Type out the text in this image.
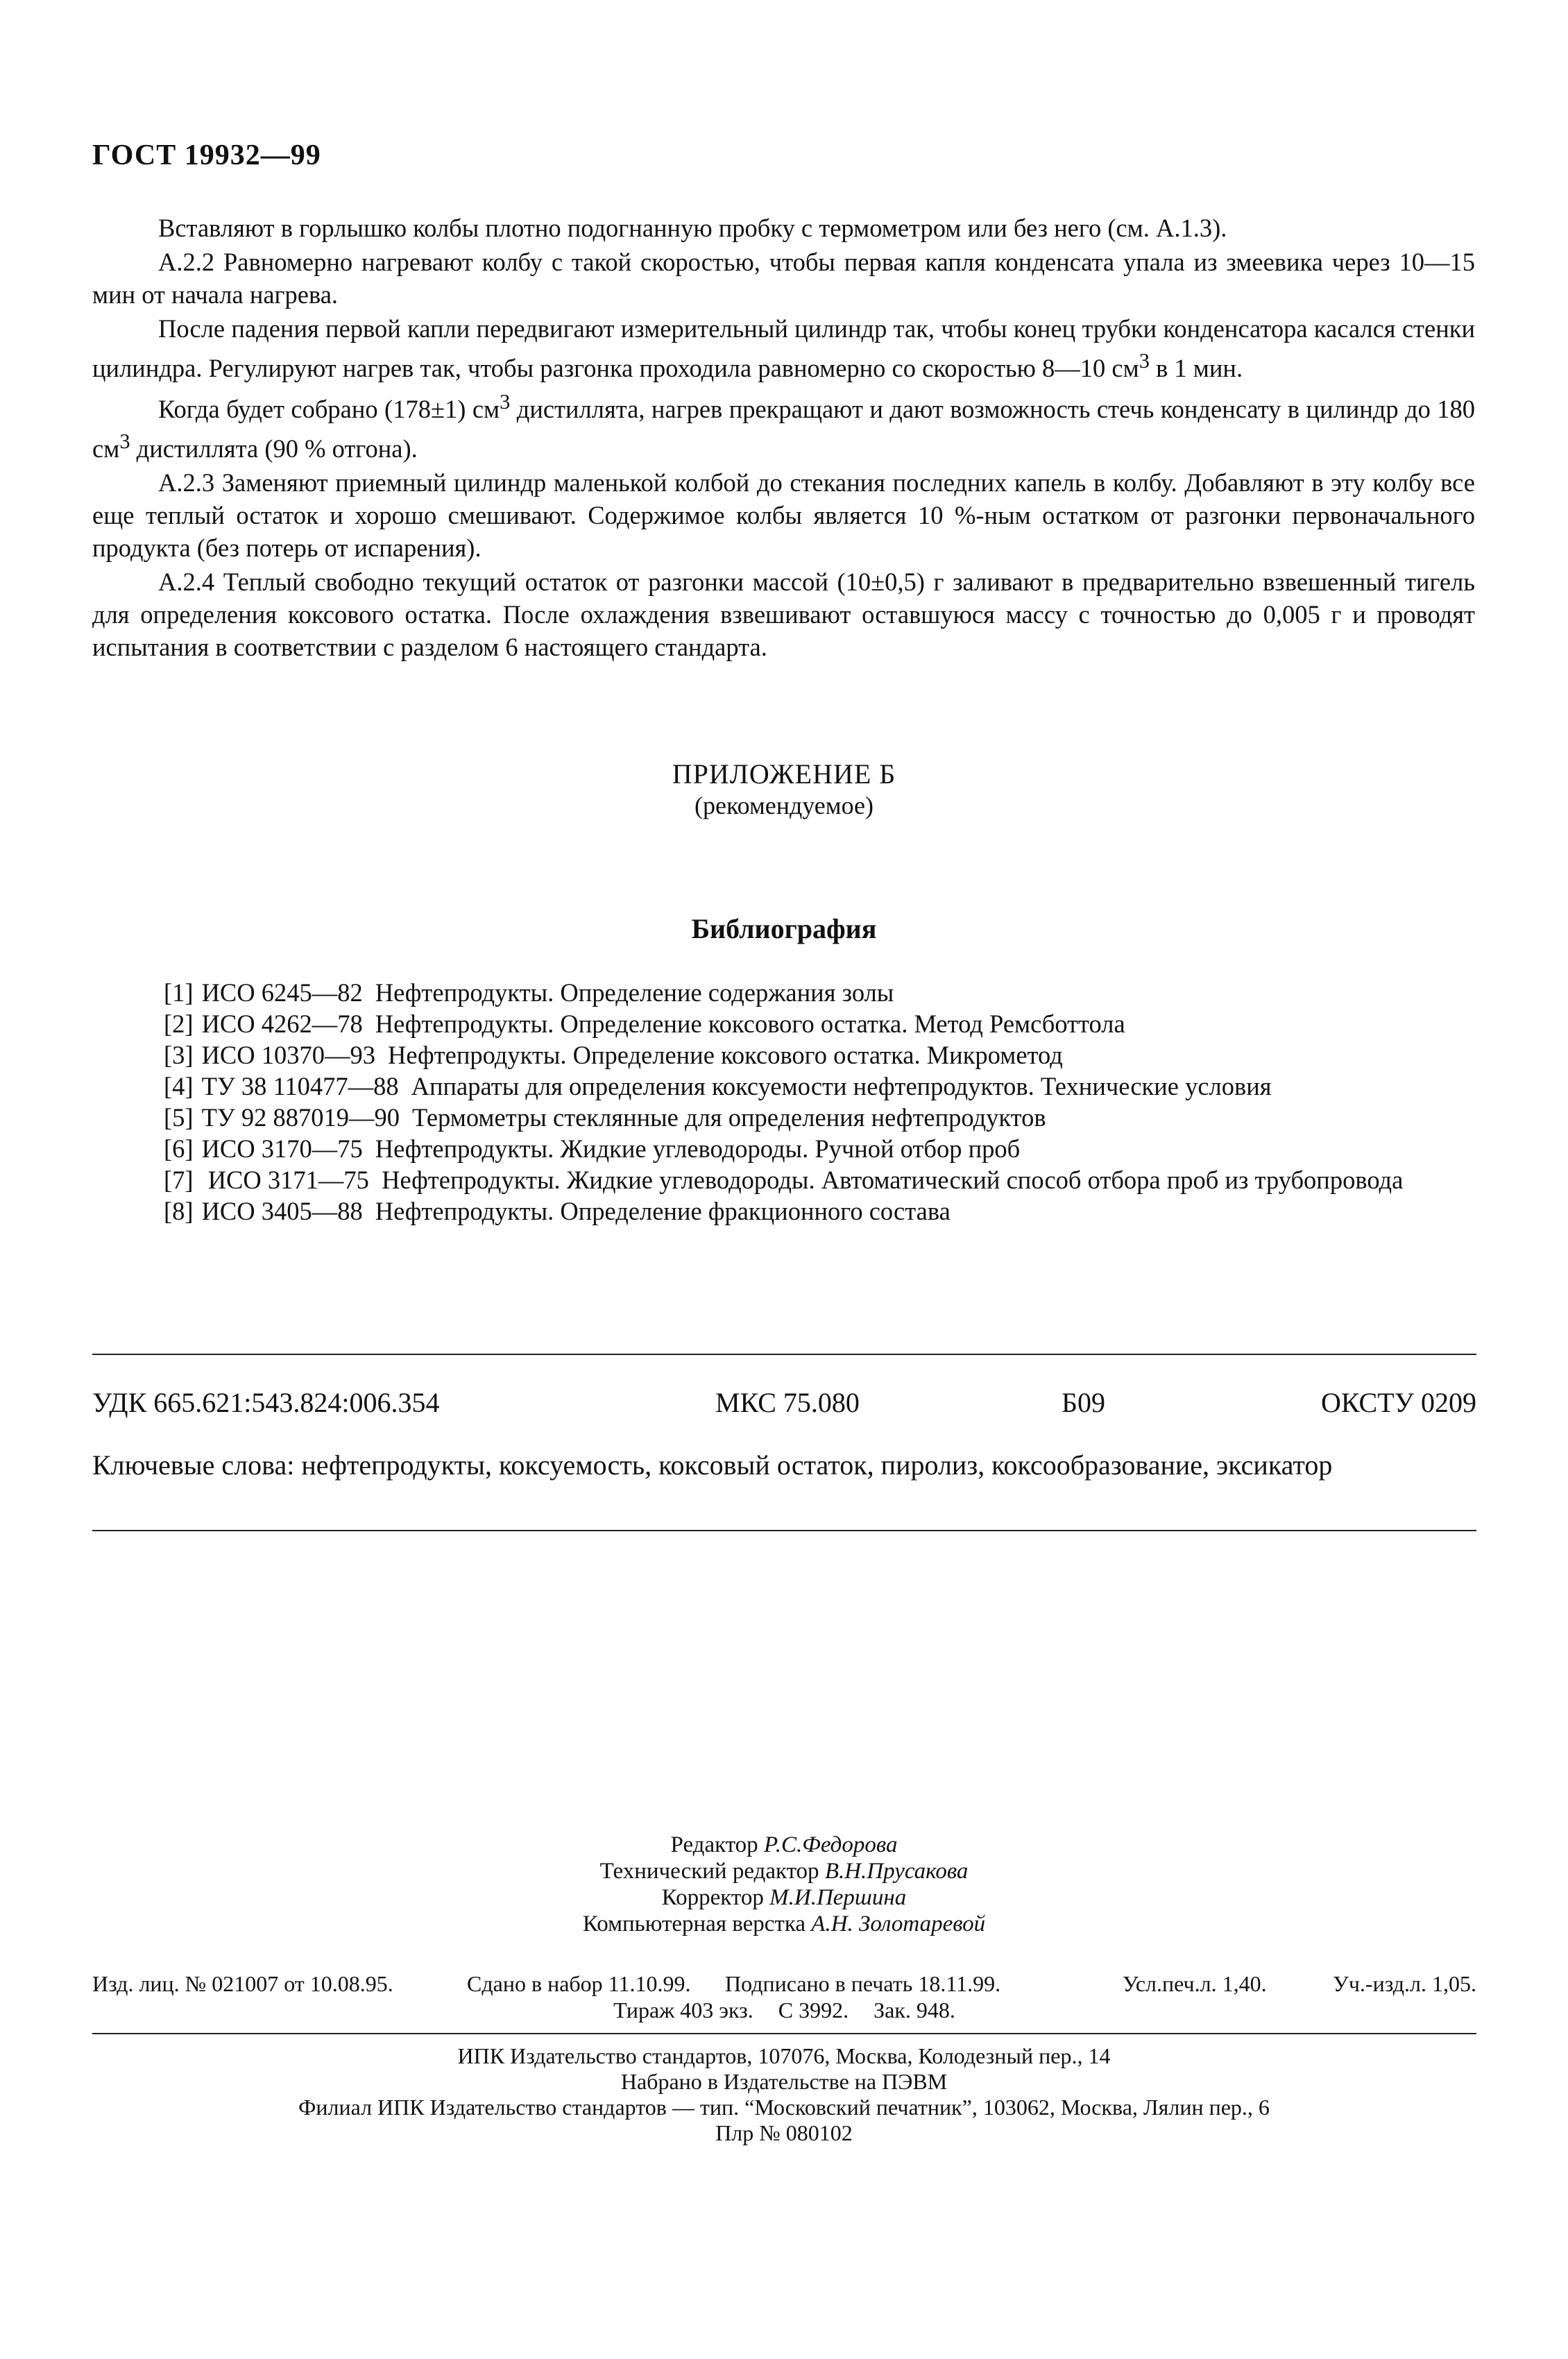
ГОСТ 19932—99

Вставляют в горлышко колбы плотно подогнанную пробку с термометром или без него (см. А.1.3).

А.2.2 Равномерно нагревают колбу с такой скоростью, чтобы первая капля конденсата упала из змеевика через 10—15 мин от начала нагрева.

После падения первой капли передвигают измерительный цилиндр так, чтобы конец трубки конденсатора касался стенки цилиндра. Регулируют нагрев так, чтобы разгонка проходила равномерно со скоростью 8—10 $см^3$ в 1 мин.

Когда будет собрано (178±1) $см^3$ дистиллята, нагрев прекращают и дают возможность стечь конденсату в цилиндр до 180 $см^3$ дистиллята (90 % отгона).

А.2.3 Заменяют приемный цилиндр маленькой колбой до стекания последних капель в колбу. Добавляют в эту колбу все еще теплый остаток и хорошо смешивают. Содержимое колбы является 10 %-ным остатком от разгонки первоначального продукта (без потерь от испарения).

А.2.4 Теплый свободно текущий остаток от разгонки массой (10±0,5) г заливают в предварительно взвешенный тигель для определения коксового остатка. После охлаждения взвешивают оставшуюся массу с точностью до 0,005 г и проводят испытания в соответствии с разделом 6 настоящего стандарта.

ПРИЛОЖЕНИЕ Б
(рекомендуемое)
Библиография
[1] ИСО 6245—82 Нефтепродукты. Определение содержания золы
[2] ИСО 4262—78 Нефтепродукты. Определение коксового остатка. Метод Ремсботтола
[3] ИСО 10370—93 Нефтепродукты. Определение коксового остатка. Микрометод
[4] ТУ 38 110477—88 Аппараты для определения коксуемости нефтепродуктов. Технические условия
[5] ТУ 92 887019—90 Термометры стеклянные для определения нефтепродуктов
[6] ИСО 3170—75 Нефтепродукты. Жидкие углеводороды. Ручной отбор проб
[7] ИСО 3171—75 Нефтепродукты. Жидкие углеводороды. Автоматический способ отбора проб из трубопровода
[8] ИСО 3405—88 Нефтепродукты. Определение фракционного состава
УДК 665.621:543.824:006.354	МКС 75.080	Б09	ОКСТУ 0209
Ключевые слова: нефтепродукты, коксуемость, коксовый остаток, пиролиз, коксообразование, эксикатор
Редактор Р.С.Федорова
Технический редактор В.Н.Прусакова
Корректор М.И.Першина
Компьютерная верстка А.Н. Золотаревой
Изд. лиц. № 021007 от 10.08.95.	Сдано в набор 11.10.99. Подписано в печать 18.11.99.	Усл.печ.л. 1,40.	Уч.-изд.л. 1,05.
Тираж 403 экз. С 3992. Зак. 948.
ИПК Издательство стандартов, 107076, Москва, Колодезный пер., 14
Набрано в Издательстве на ПЭВМ
Филиал ИПК Издательство стандартов — тип. “Московский печатник”, 103062, Москва, Лялин пер., 6
Плр № 080102
